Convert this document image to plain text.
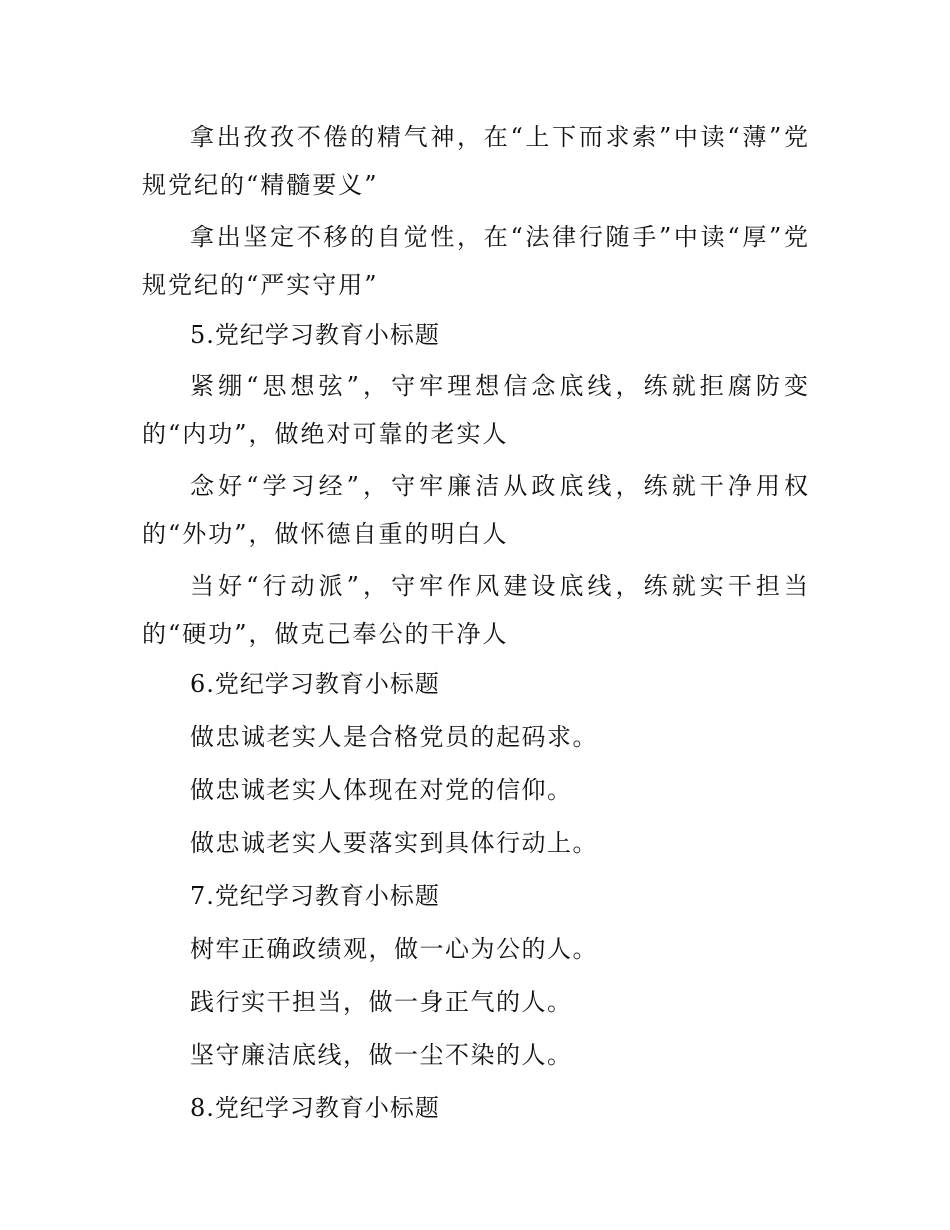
拿出孜孜不倦的精气神，在“上下而求索”中读“薄”党规党纪的“精髓要义”

拿出坚定不移的自觉性，在“法律行随手”中读“厚”党规党纪的“严实守用”

5.党纪学习教育小标题

紧绷“思想弦”，守牢理想信念底线，练就拒腐防变的“内功”，做绝对可靠的老实人

念好“学习经”，守牢廉洁从政底线，练就干净用权的“外功”，做怀德自重的明白人

当好“行动派”，守牢作风建设底线，练就实干担当的“硬功”，做克己奉公的干净人

6.党纪学习教育小标题

做忠诚老实人是合格党员的起码求。

做忠诚老实人体现在对党的信仰。

做忠诚老实人要落实到具体行动上。

7.党纪学习教育小标题

树牢正确政绩观，做一心为公的人。

践行实干担当，做一身正气的人。

坚守廉洁底线，做一尘不染的人。

8.党纪学习教育小标题
